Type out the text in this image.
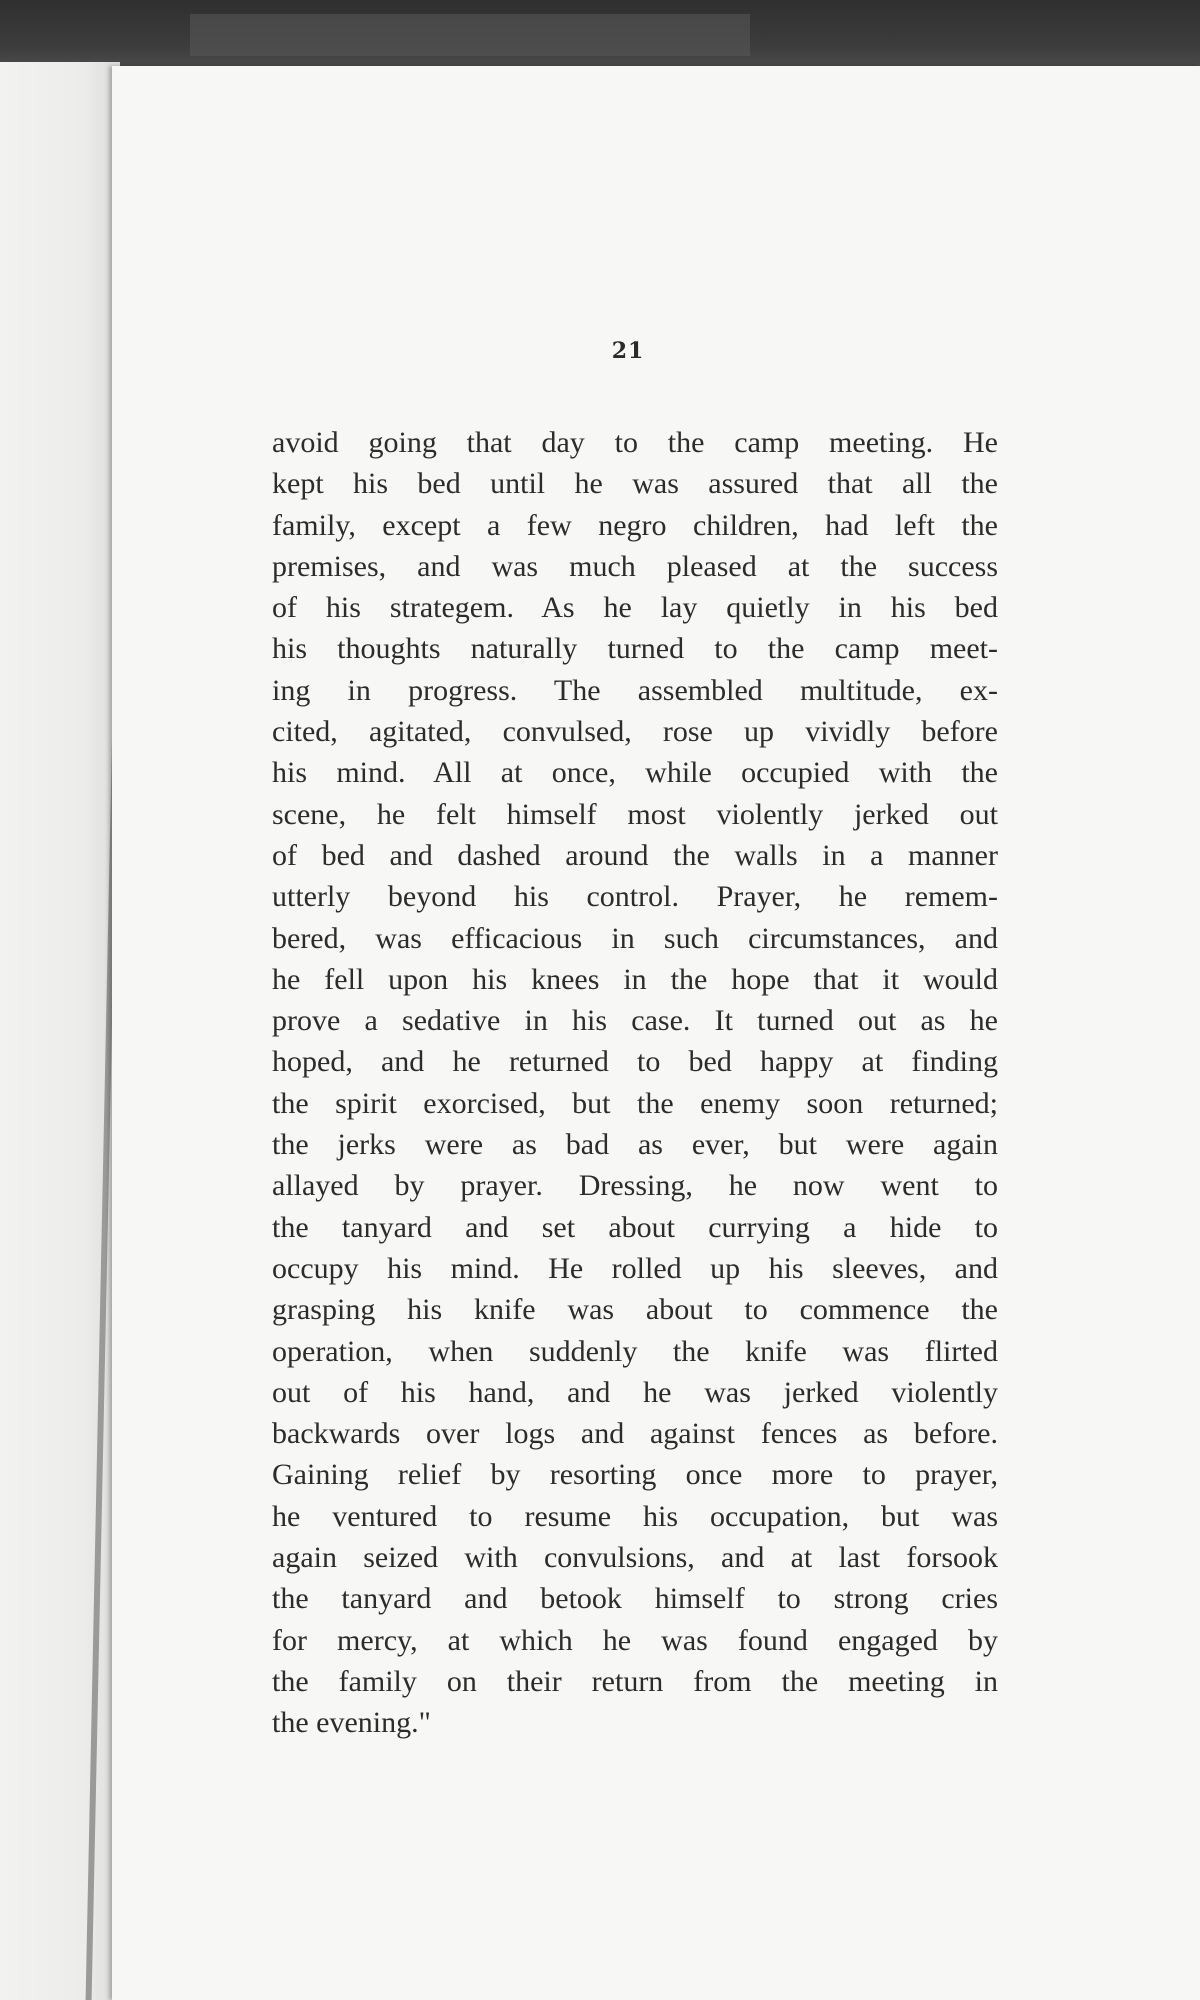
21
avoid going that day to the camp meeting. He
kept his bed until he was assured that all the
family, except a few negro children, had left the
premises, and was much pleased at the success
of his strategem. As he lay quietly in his bed
his thoughts naturally turned to the camp meet-
ing in progress. The assembled multitude, ex-
cited, agitated, convulsed, rose up vividly before
his mind. All at once, while occupied with the
scene, he felt himself most violently jerked out
of bed and dashed around the walls in a manner
utterly beyond his control. Prayer, he remem-
bered, was efficacious in such circumstances, and
he fell upon his knees in the hope that it would
prove a sedative in his case. It turned out as he
hoped, and he returned to bed happy at finding
the spirit exorcised, but the enemy soon returned;
the jerks were as bad as ever, but were again
allayed by prayer. Dressing, he now went to
the tanyard and set about currying a hide to
occupy his mind. He rolled up his sleeves, and
grasping his knife was about to commence the
operation, when suddenly the knife was flirted
out of his hand, and he was jerked violently
backwards over logs and against fences as before.
Gaining relief by resorting once more to prayer,
he ventured to resume his occupation, but was
again seized with convulsions, and at last forsook
the tanyard and betook himself to strong cries
for mercy, at which he was found engaged by
the family on their return from the meeting in
the evening."
